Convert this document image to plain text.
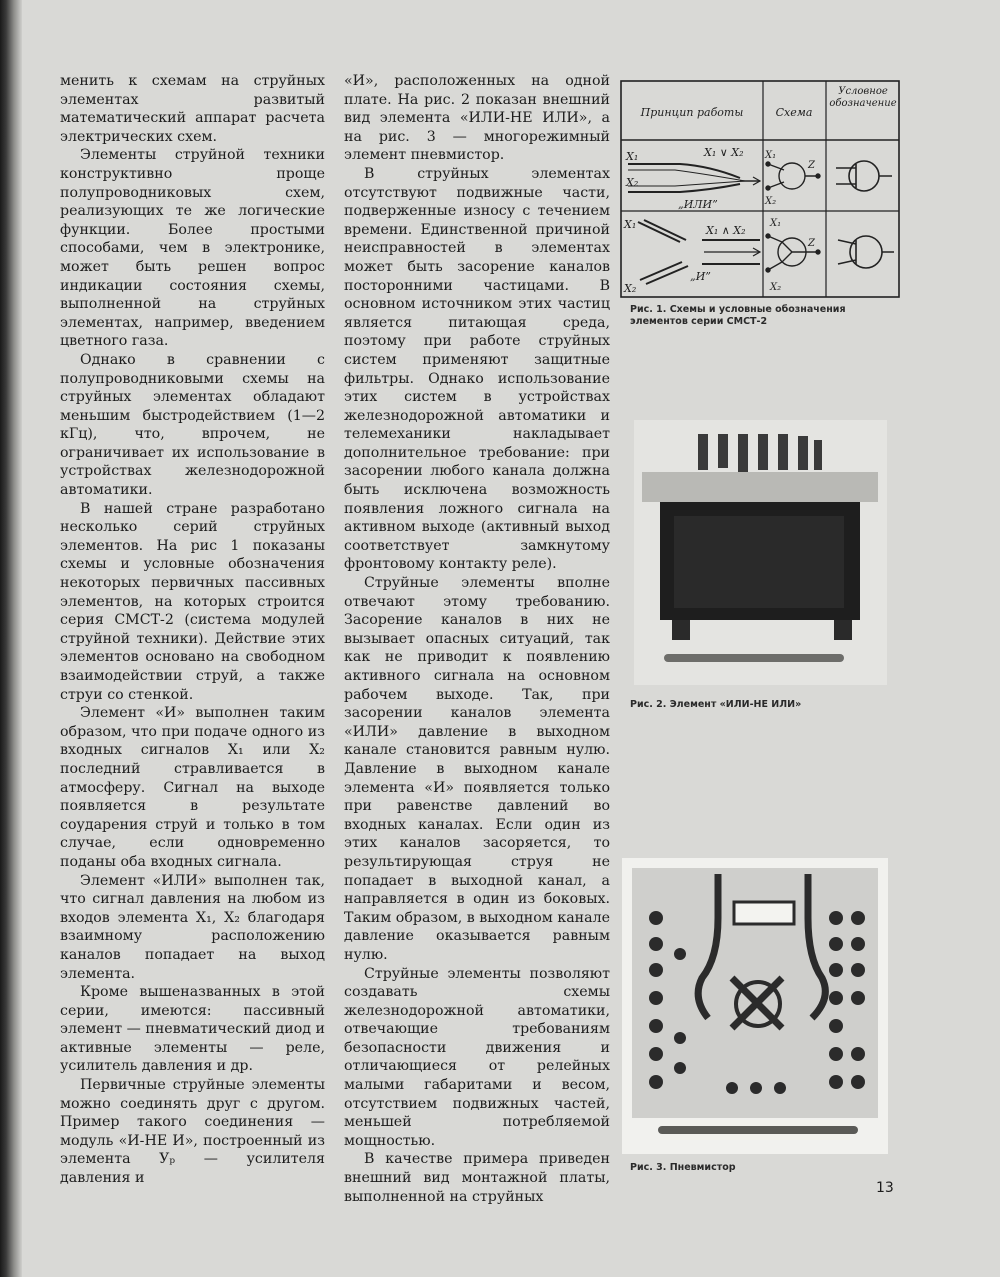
менить к схемам на струйных элементах развитый математический аппарат расчета электрических схем.

Элементы струйной техники конструктивно проще полупроводниковых схем, реализующих те же логические функции. Более простыми способами, чем в электронике, может быть решен вопрос индикации состояния схемы, выполненной на струйных элементах, например, введением цветного газа.

Однако в сравнении с полупроводниковыми схемы на струйных элементах обладают меньшим быстродействием (1—2 кГц), что, впрочем, не ограничивает их использование в устройствах железнодорожной автоматики.

В нашей стране разработано несколько серий струйных элементов. На рис 1 показаны схемы и условные обозначения некоторых первичных пассивных элементов, на которых строится серия СМСТ-2 (система модулей струйной техники). Действие этих элементов основано на свободном взаимодействии струй, а также струи со стенкой.

Элемент «И» выполнен таким образом, что при подаче одного из входных сигналов X₁ или X₂ последний стравливается в атмосферу. Сигнал на выходе появляется в результате соударения струй и только в том случае, если одновременно поданы оба входных сигнала.

Элемент «ИЛИ» выполнен так, что сигнал давления на любом из входов элемента X₁, X₂ благодаря взаимному расположению каналов попадает на выход элемента.

Кроме вышеназванных в этой серии, имеются: пассивный элемент — пневматический диод и активные элементы — реле, усилитель давления и др.

Первичные струйные элементы можно соединять друг с другом. Пример такого соединения — модуль «И-НЕ И», построенный из элемента Уₚ — усилителя давления и

«И», расположенных на одной плате. На рис. 2 показан внешний вид элемента «ИЛИ-НЕ ИЛИ», а на рис. 3 — многорежимный элемент пневмистор.

В струйных элементах отсутствуют подвижные части, подверженные износу с течением времени. Единственной причиной неисправностей в элементах может быть засорение каналов посторонними частицами. В основном источником этих частиц является питающая среда, поэтому при работе струйных систем применяют защитные фильтры. Однако использование этих систем в устройствах железнодорожной автоматики и телемеханики накладывает дополнительное требование: при засорении любого канала должна быть исключена возможность появления ложного сигнала на активном выходе (активный выход соответствует замкнутому фронтовому контакту реле).

Струйные элементы вполне отвечают этому требованию. Засорение каналов в них не вызывает опасных ситуаций, так как не приводит к появлению активного сигнала на основном рабочем выходе. Так, при засорении каналов элемента «ИЛИ» давление в выходном канале становится равным нулю. Давление в выходном канале элемента «И» появляется только при равенстве давлений во входных каналах. Если один из этих каналов засоряется, то результирующая струя не попадает в выходной канал, а направляется в один из боковых. Таким образом, в выходном канале давление оказывается равным нулю.

Струйные элементы позволяют создавать схемы железнодорожной автоматики, отвечающие требованиям безопасности движения и отличающиеся от релейных малыми габаритами и весом, отсутствием подвижных частей, меньшей потребляемой мощностью.

В качестве примера приведен внешний вид монтажной платы, выполненной на струйных

Принцип работы	Схема
Условное обозначение
X₁
X₂
X₁ ∨ X₂
„ИЛИ”
X₁
X₂
Z
X₁
X₂
X₁ ∧ X₂
„И”
X₁
X₂
Z
Рис. 1. Схемы и условные обозначения элементов серии СМСТ-2
Рис. 2. Элемент «ИЛИ-НЕ ИЛИ»
Рис. 3. Пневмистор
13
